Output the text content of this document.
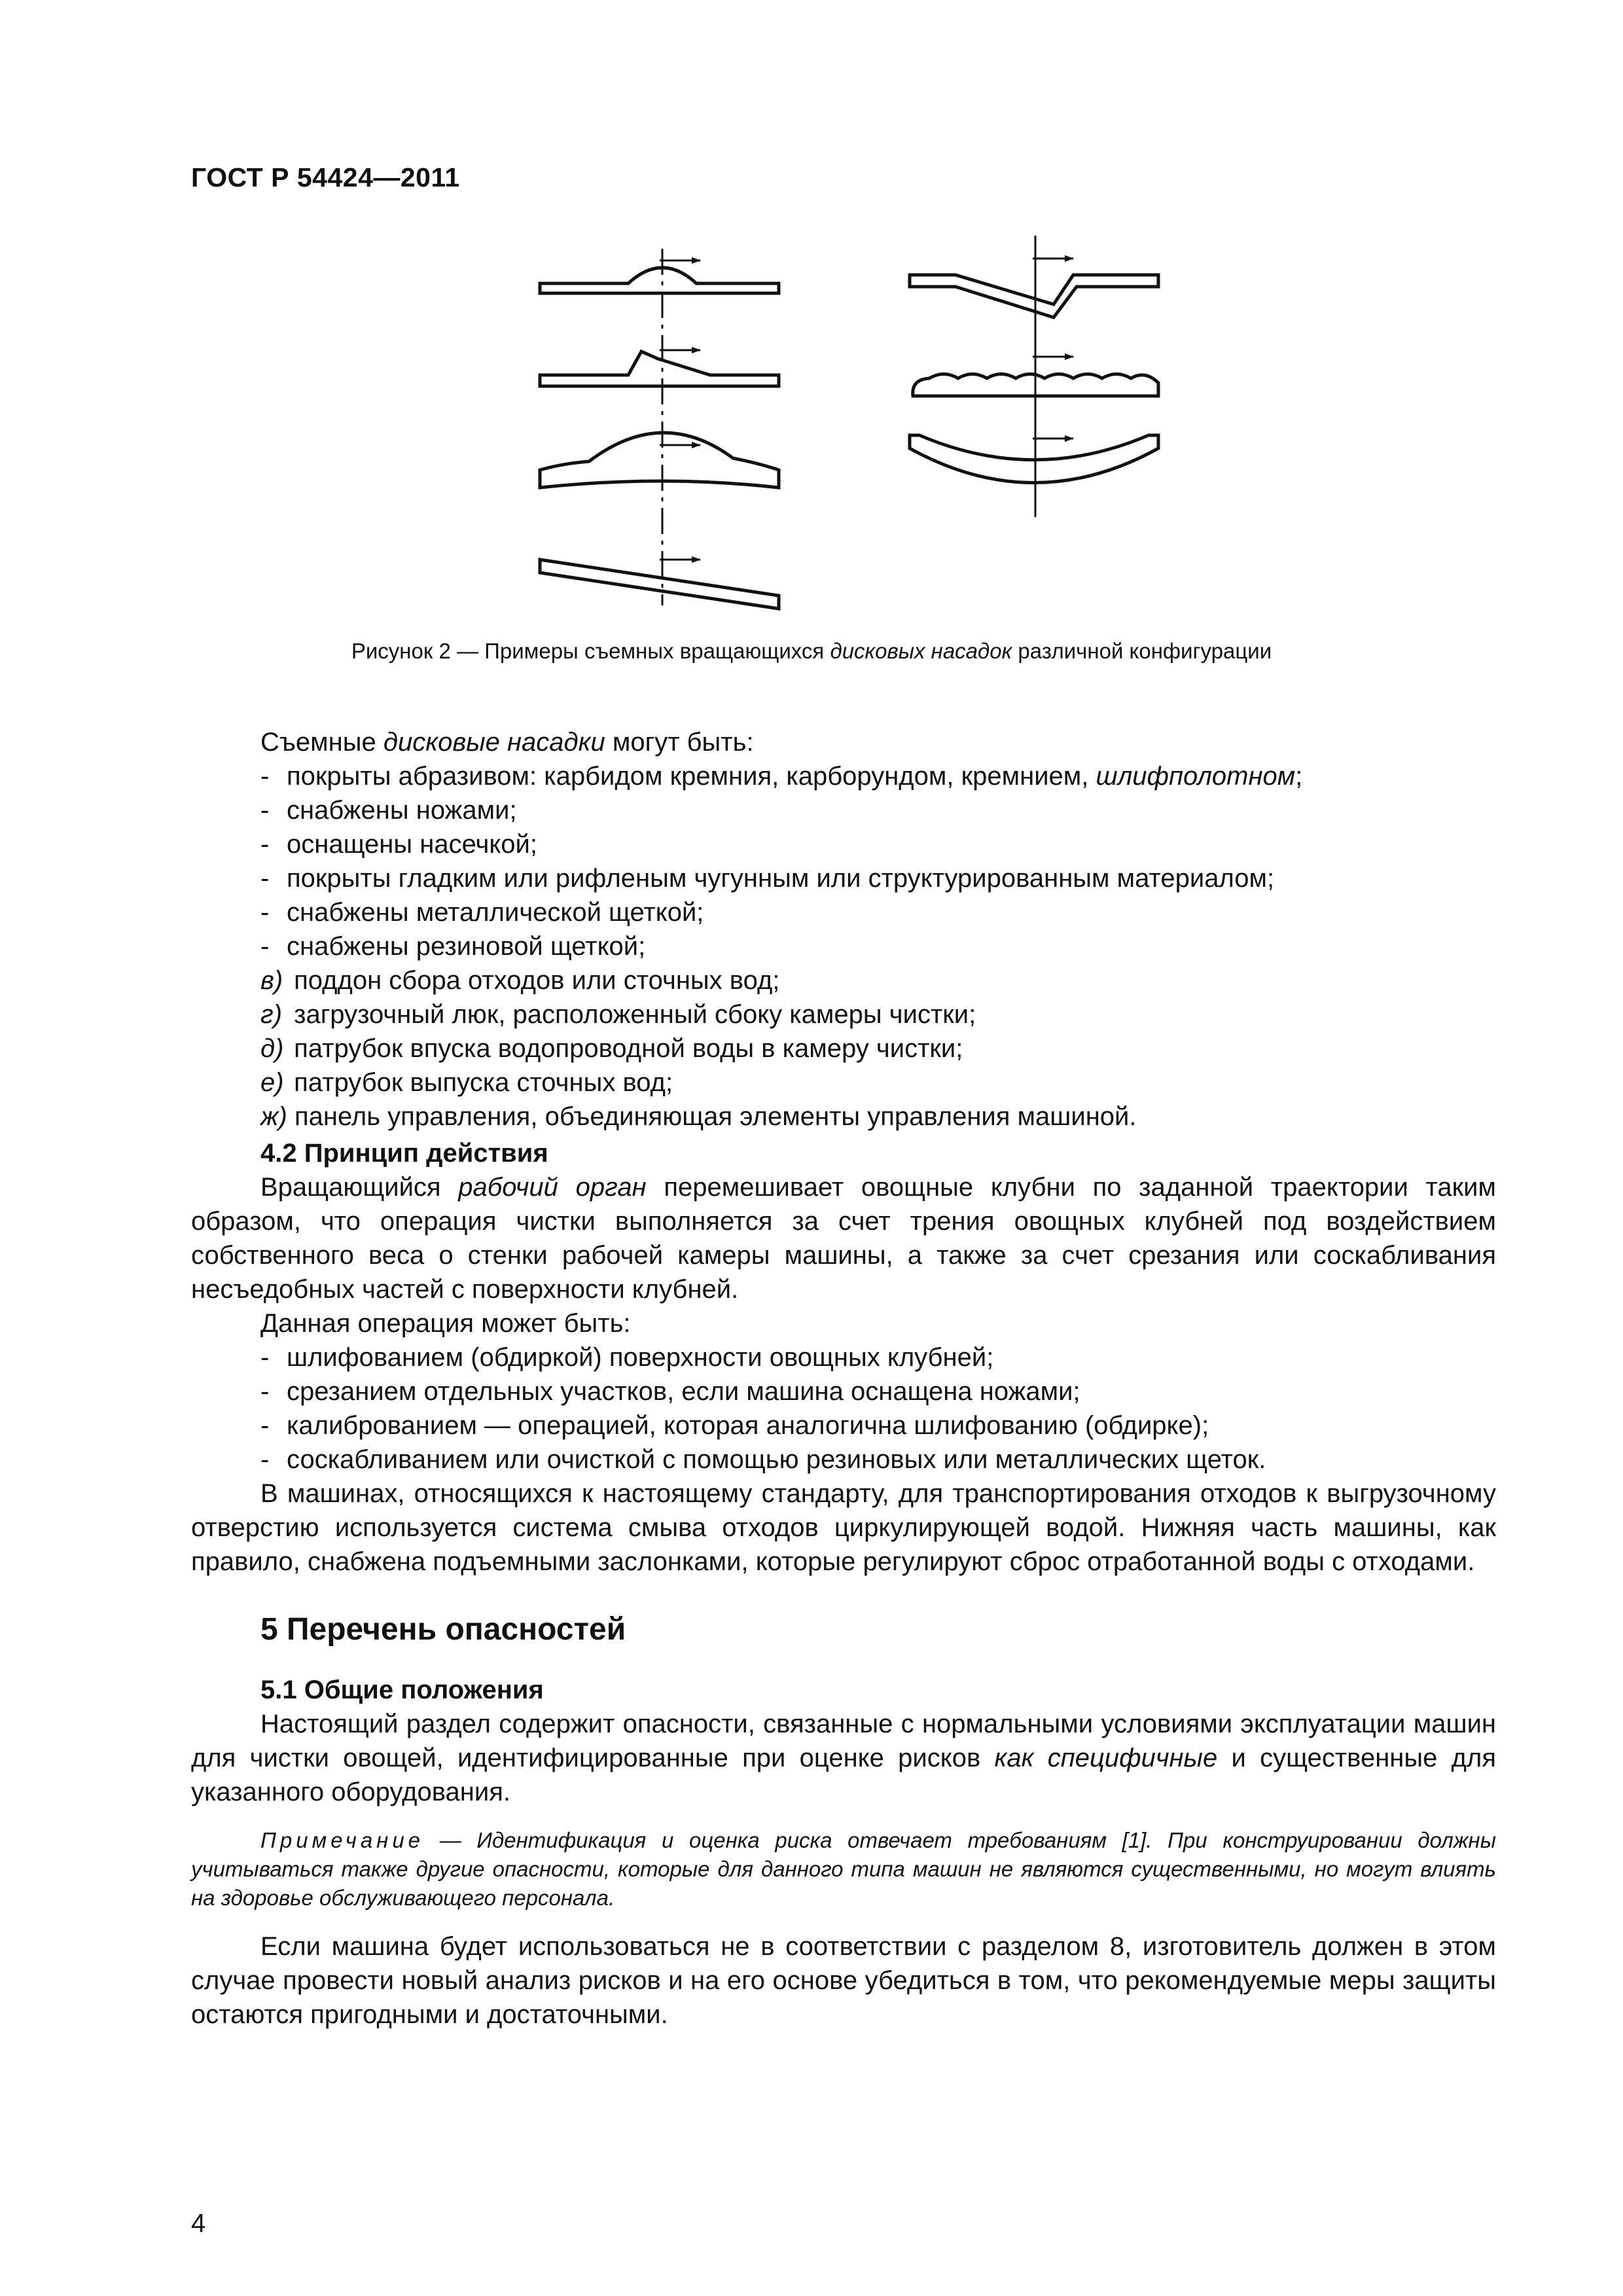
ГОСТ Р 54424—2011
Рисунок 2 — Примеры съемных вращающихся дисковых насадок различной конфигурации
Съемные дисковые насадки могут быть:
- покрыты абразивом: карбидом кремния, карборундом, кремнием, шлифполотном;
- снабжены ножами;
- оснащены насечкой;
- покрыты гладким или рифленым чугунным или структурированным материалом;
- снабжены металлической щеткой;
- снабжены резиновой щеткой;
в) поддон сбора отходов или сточных вод;
г) загрузочный люк, расположенный сбоку камеры чистки;
д) патрубок впуска водопроводной воды в камеру чистки;
е) патрубок выпуска сточных вод;
ж) панель управления, объединяющая элементы управления машиной.
4.2 Принцип действия
Вращающийся рабочий орган перемешивает овощные клубни по заданной траектории таким образом, что операция чистки выполняется за счет трения овощных клубней под воздействием собственного веса о стенки рабочей камеры машины, а также за счет срезания или соскабливания несъедобных частей с поверхности клубней.
Данная операция может быть:
- шлифованием (обдиркой) поверхности овощных клубней;
- срезанием отдельных участков, если машина оснащена ножами;
- калиброванием — операцией, которая аналогична шлифованию (обдирке);
- соскабливанием или очисткой с помощью резиновых или металлических щеток.
В машинах, относящихся к настоящему стандарту, для транспортирования отходов к выгрузочному отверстию используется система смыва отходов циркулирующей водой. Нижняя часть машины, как правило, снабжена подъемными заслонками, которые регулируют сброс отработанной воды с отходами.
5 Перечень опасностей
5.1 Общие положения
Настоящий раздел содержит опасности, связанные с нормальными условиями эксплуатации машин для чистки овощей, идентифицированные при оценке рисков как специфичные и существенные для указанного оборудования.
Примечание — Идентификация и оценка риска отвечает требованиям [1]. При конструировании должны учитываться также другие опасности, которые для данного типа машин не являются существенными, но могут влиять на здоровье обслуживающего персонала.
Если машина будет использоваться не в соответствии с разделом 8, изготовитель должен в этом случае провести новый анализ рисков и на его основе убедиться в том, что рекомендуемые меры защиты остаются пригодными и достаточными.
4
